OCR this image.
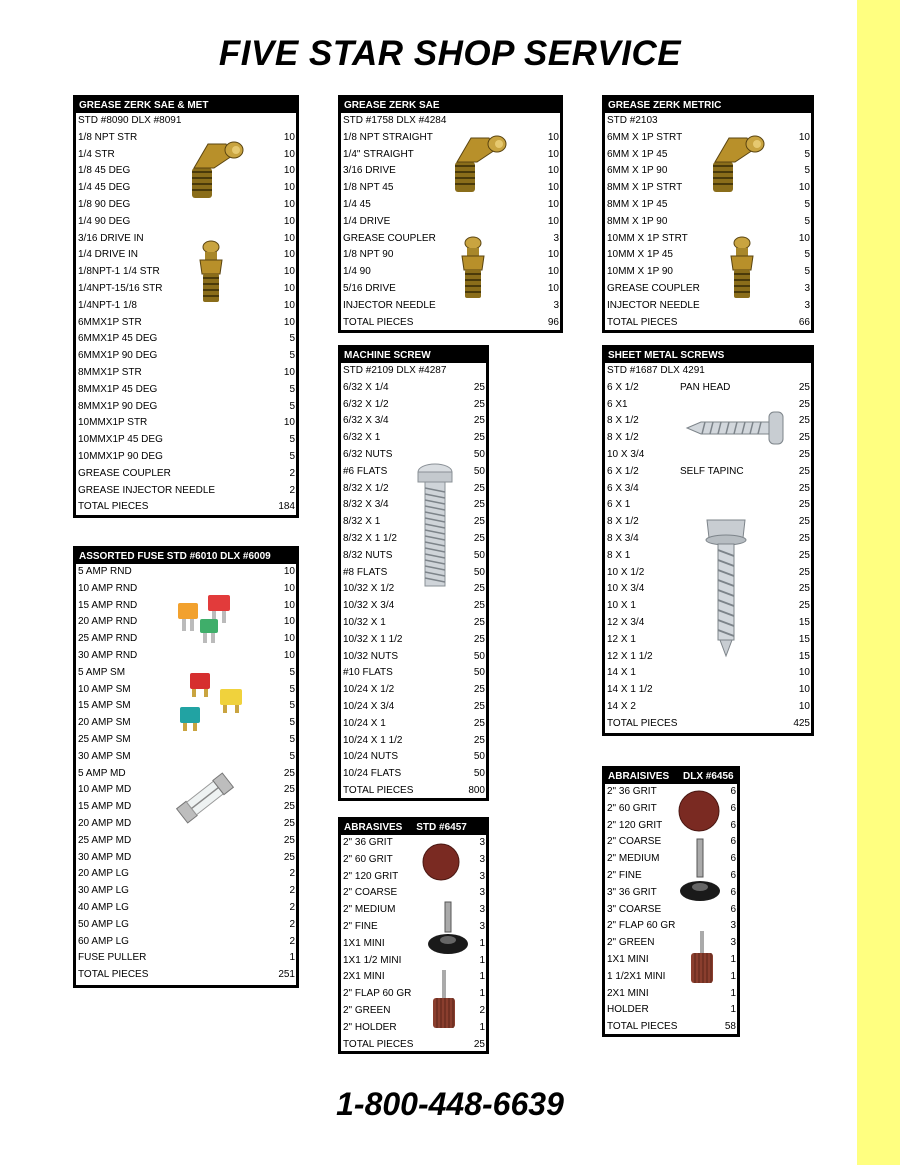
FIVE STAR SHOP SERVICE
GREASE ZERK SAE & MET
STD #8090 DLX #8091
1/8 NPT STR	10
1/4 STR	10
1/8 45 DEG	10
1/4 45 DEG	10
1/8 90 DEG	10
1/4 90 DEG	10
3/16 DRIVE IN	10
1/4 DRIVE IN	10
1/8NPT-1 1/4 STR	10
1/4NPT-15/16 STR	10
1/4NPT-1 1/8	10
6MMX1P STR	10
6MMX1P 45 DEG	5
6MMX1P 90 DEG	5
8MMX1P STR	10
8MMX1P 45 DEG	5
8MMX1P 90 DEG	5
10MMX1P STR	10
10MMX1P 45 DEG	5
10MMX1P 90 DEG	5
GREASE COUPLER	2
GREASE INJECTOR NEEDLE	2
TOTAL PIECES	184
ASSORTED FUSE STD #6010 DLX #6009
5 AMP RND	10
10 AMP RND	10
15 AMP RND	10
20 AMP RND	10
25 AMP RND	10
30 AMP RND	10
5 AMP SM	5
10 AMP SM	5
15 AMP SM	5
20 AMP SM	5
25 AMP SM	5
30 AMP SM	5
5 AMP MD	25
10 AMP MD	25
15 AMP MD	25
20 AMP MD	25
25 AMP MD	25
30 AMP MD	25
20 AMP LG	2
30 AMP LG	2
40 AMP LG	2
50 AMP LG	2
60 AMP LG	2
FUSE PULLER	1
TOTAL PIECES	251
GREASE ZERK SAE
STD #1758 DLX #4284
1/8 NPT STRAIGHT	10
1/4" STRAIGHT	10
3/16 DRIVE	10
1/8 NPT 45	10
1/4 45	10
1/4 DRIVE	10
GREASE COUPLER	3
1/8 NPT 90	10
1/4 90	10
5/16 DRIVE	10
INJECTOR NEEDLE	3
TOTAL PIECES	96
MACHINE SCREW
STD #2109 DLX #4287
6/32 X 1/4	25
6/32 X 1/2	25
6/32 X 3/4	25
6/32 X 1	25
6/32 NUTS	50
#6 FLATS	50
8/32 X 1/2	25
8/32 X 3/4	25
8/32 X 1	25
8/32 X 1 1/2	25
8/32 NUTS	50
#8 FLATS	50
10/32 X 1/2	25
10/32 X 3/4	25
10/32 X 1	25
10/32 X 1 1/2	25
10/32 NUTS	50
#10 FLATS	50
10/24 X 1/2	25
10/24 X 3/4	25
10/24 X 1	25
10/24 X 1 1/2	25
10/24 NUTS	50
10/24 FLATS	50
TOTAL PIECES	800
ABRASIVES     STD #6457
2" 36 GRIT	3
2" 60 GRIT	3
2" 120 GRIT	3
2" COARSE	3
2" MEDIUM	3
2" FINE	3
1X1 MINI	1
1X1 1/2 MINI	1
2X1 MINI	1
2" FLAP 60 GR	1
2" GREEN	2
2" HOLDER	1
TOTAL PIECES	25
GREASE ZERK METRIC
STD #2103
6MM X 1P STRT	10
6MM X 1P 45	5
6MM X 1P 90	5
8MM X 1P STRT	10
8MM X 1P 45	5
8MM X 1P 90	5
10MM X 1P STRT	10
10MM X 1P 45	5
10MM X 1P 90	5
GREASE COUPLER	3
INJECTOR NEEDLE	3
TOTAL PIECES	66
SHEET METAL SCREWS
STD #1687 DLX 4291
6 X 1/2	PAN HEAD	25
6 X1	25
8 X 1/2	25
8 X 1/2	25
10 X 3/4	25
6 X 1/2	SELF TAPINC	25
6 X 3/4	25
6 X 1	25
8 X 1/2	25
8 X 3/4	25
8 X 1	25
10 X 1/2	25
10 X 3/4	25
10 X 1	25
12 X 3/4	15
12 X 1	15
12 X 1 1/2	15
14 X 1	10
14 X 1 1/2	10
14 X 2	10
TOTAL PIECES	425
ABRAISIVES     DLX #6456
2" 36 GRIT	6
2" 60 GRIT	6
2" 120 GRIT	6
2" COARSE	6
2" MEDIUM	6
2" FINE	6
3" 36 GRIT	6
3" COARSE	6
2" FLAP 60 GR	3
2" GREEN	3
1X1 MINI	1
1 1/2X1 MINI	1
2X1 MINI	1
HOLDER	1
TOTAL PIECES	58
1-800-448-6639
